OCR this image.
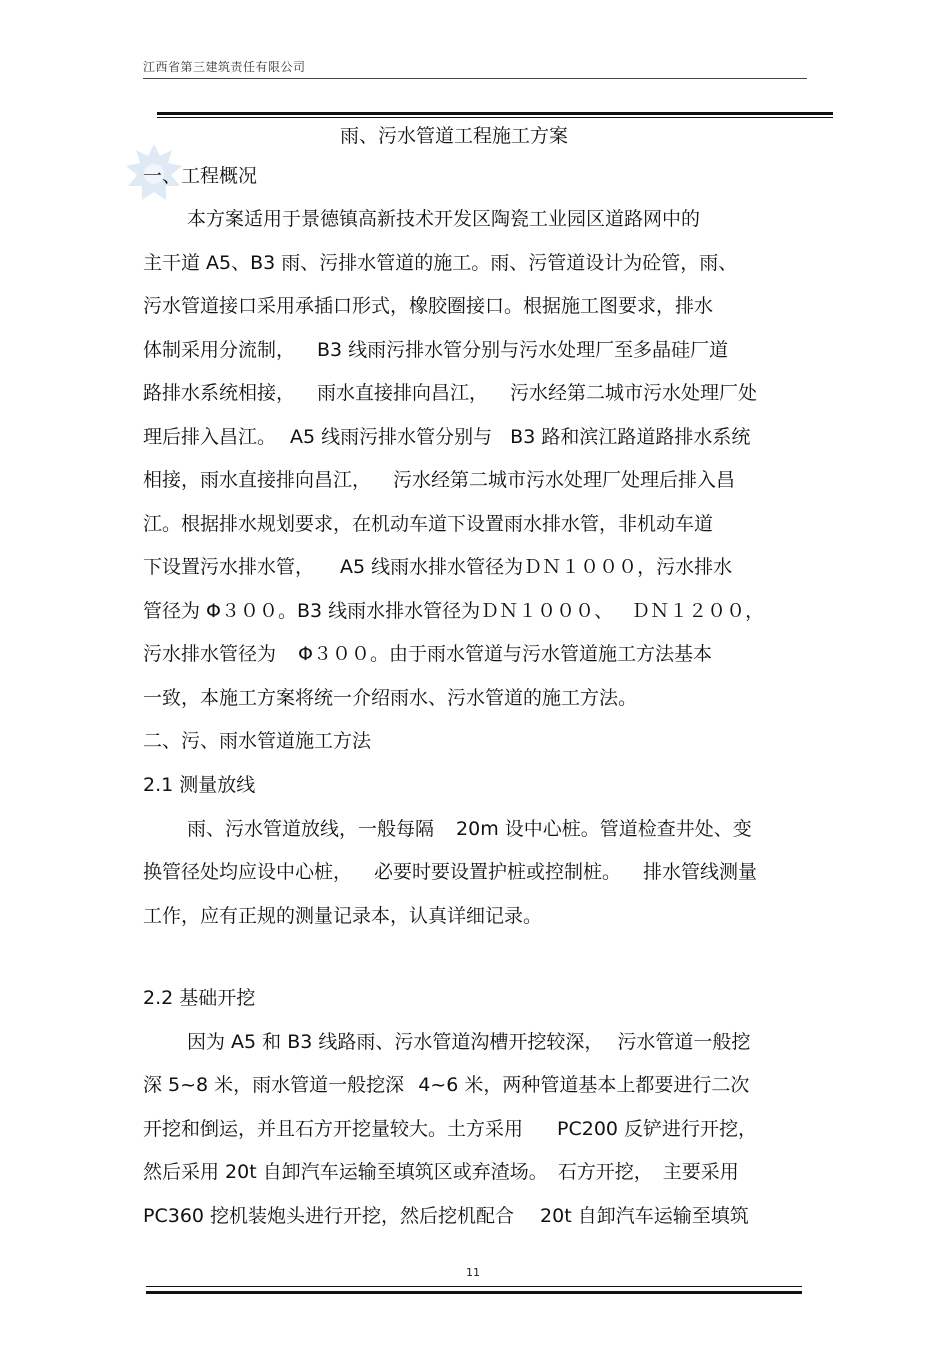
江西省第三建筑责任有限公司
雨、污水管道工程施工方案
一、工程概况
本方案适用于景德镇高新技术开发区陶瓷工业园区道路网中的
主干道 A5、B3 雨、污排水管道的施工。雨、污管道设计为砼管，雨、
污水管道接口采用承插口形式，橡胶圈接口。根据施工图要求，排水
体制采用分流制， B3 线雨污排水管分别与污水处理厂至多晶硅厂道
路排水系统相接， 雨水直接排向昌江， 污水经第二城市污水处理厂处
理后排入昌江。 A5 线雨污排水管分别与 B3 路和滨江路道路排水系统
相接，雨水直接排向昌江， 污水经第二城市污水处理厂处理后排入昌
江。根据排水规划要求，在机动车道下设置雨水排水管，非机动车道
下设置污水排水管， A5 线雨水排水管径为ＤＮ１０００，污水排水
管径为 Φ３００。B3 线雨水排水管径为ＤＮ１０００、 ＤＮ１２００，
污水排水管径为 Φ３００。由于雨水管道与污水管道施工方法基本
一致，本施工方案将统一介绍雨水、污水管道的施工方法。
二、污、雨水管道施工方法
2.1 测量放线
雨、污水管道放线，一般每隔 20m 设中心桩。管道检查井处、变
换管径处均应设中心桩， 必要时要设置护桩或控制桩。 排水管线测量
工作，应有正规的测量记录本，认真详细记录。
2.2 基础开挖
因为 A5 和 B3 线路雨、污水管道沟槽开挖较深， 污水管道一般挖
深 5~8 米，雨水管道一般挖深 4~6 米，两种管道基本上都要进行二次
开挖和倒运，并且石方开挖量较大。土方采用 PC200 反铲进行开挖，
然后采用 20t 自卸汽车运输至填筑区或弃渣场。 石方开挖， 主要采用
PC360 挖机装炮头进行开挖，然后挖机配合 20t 自卸汽车运输至填筑
11
